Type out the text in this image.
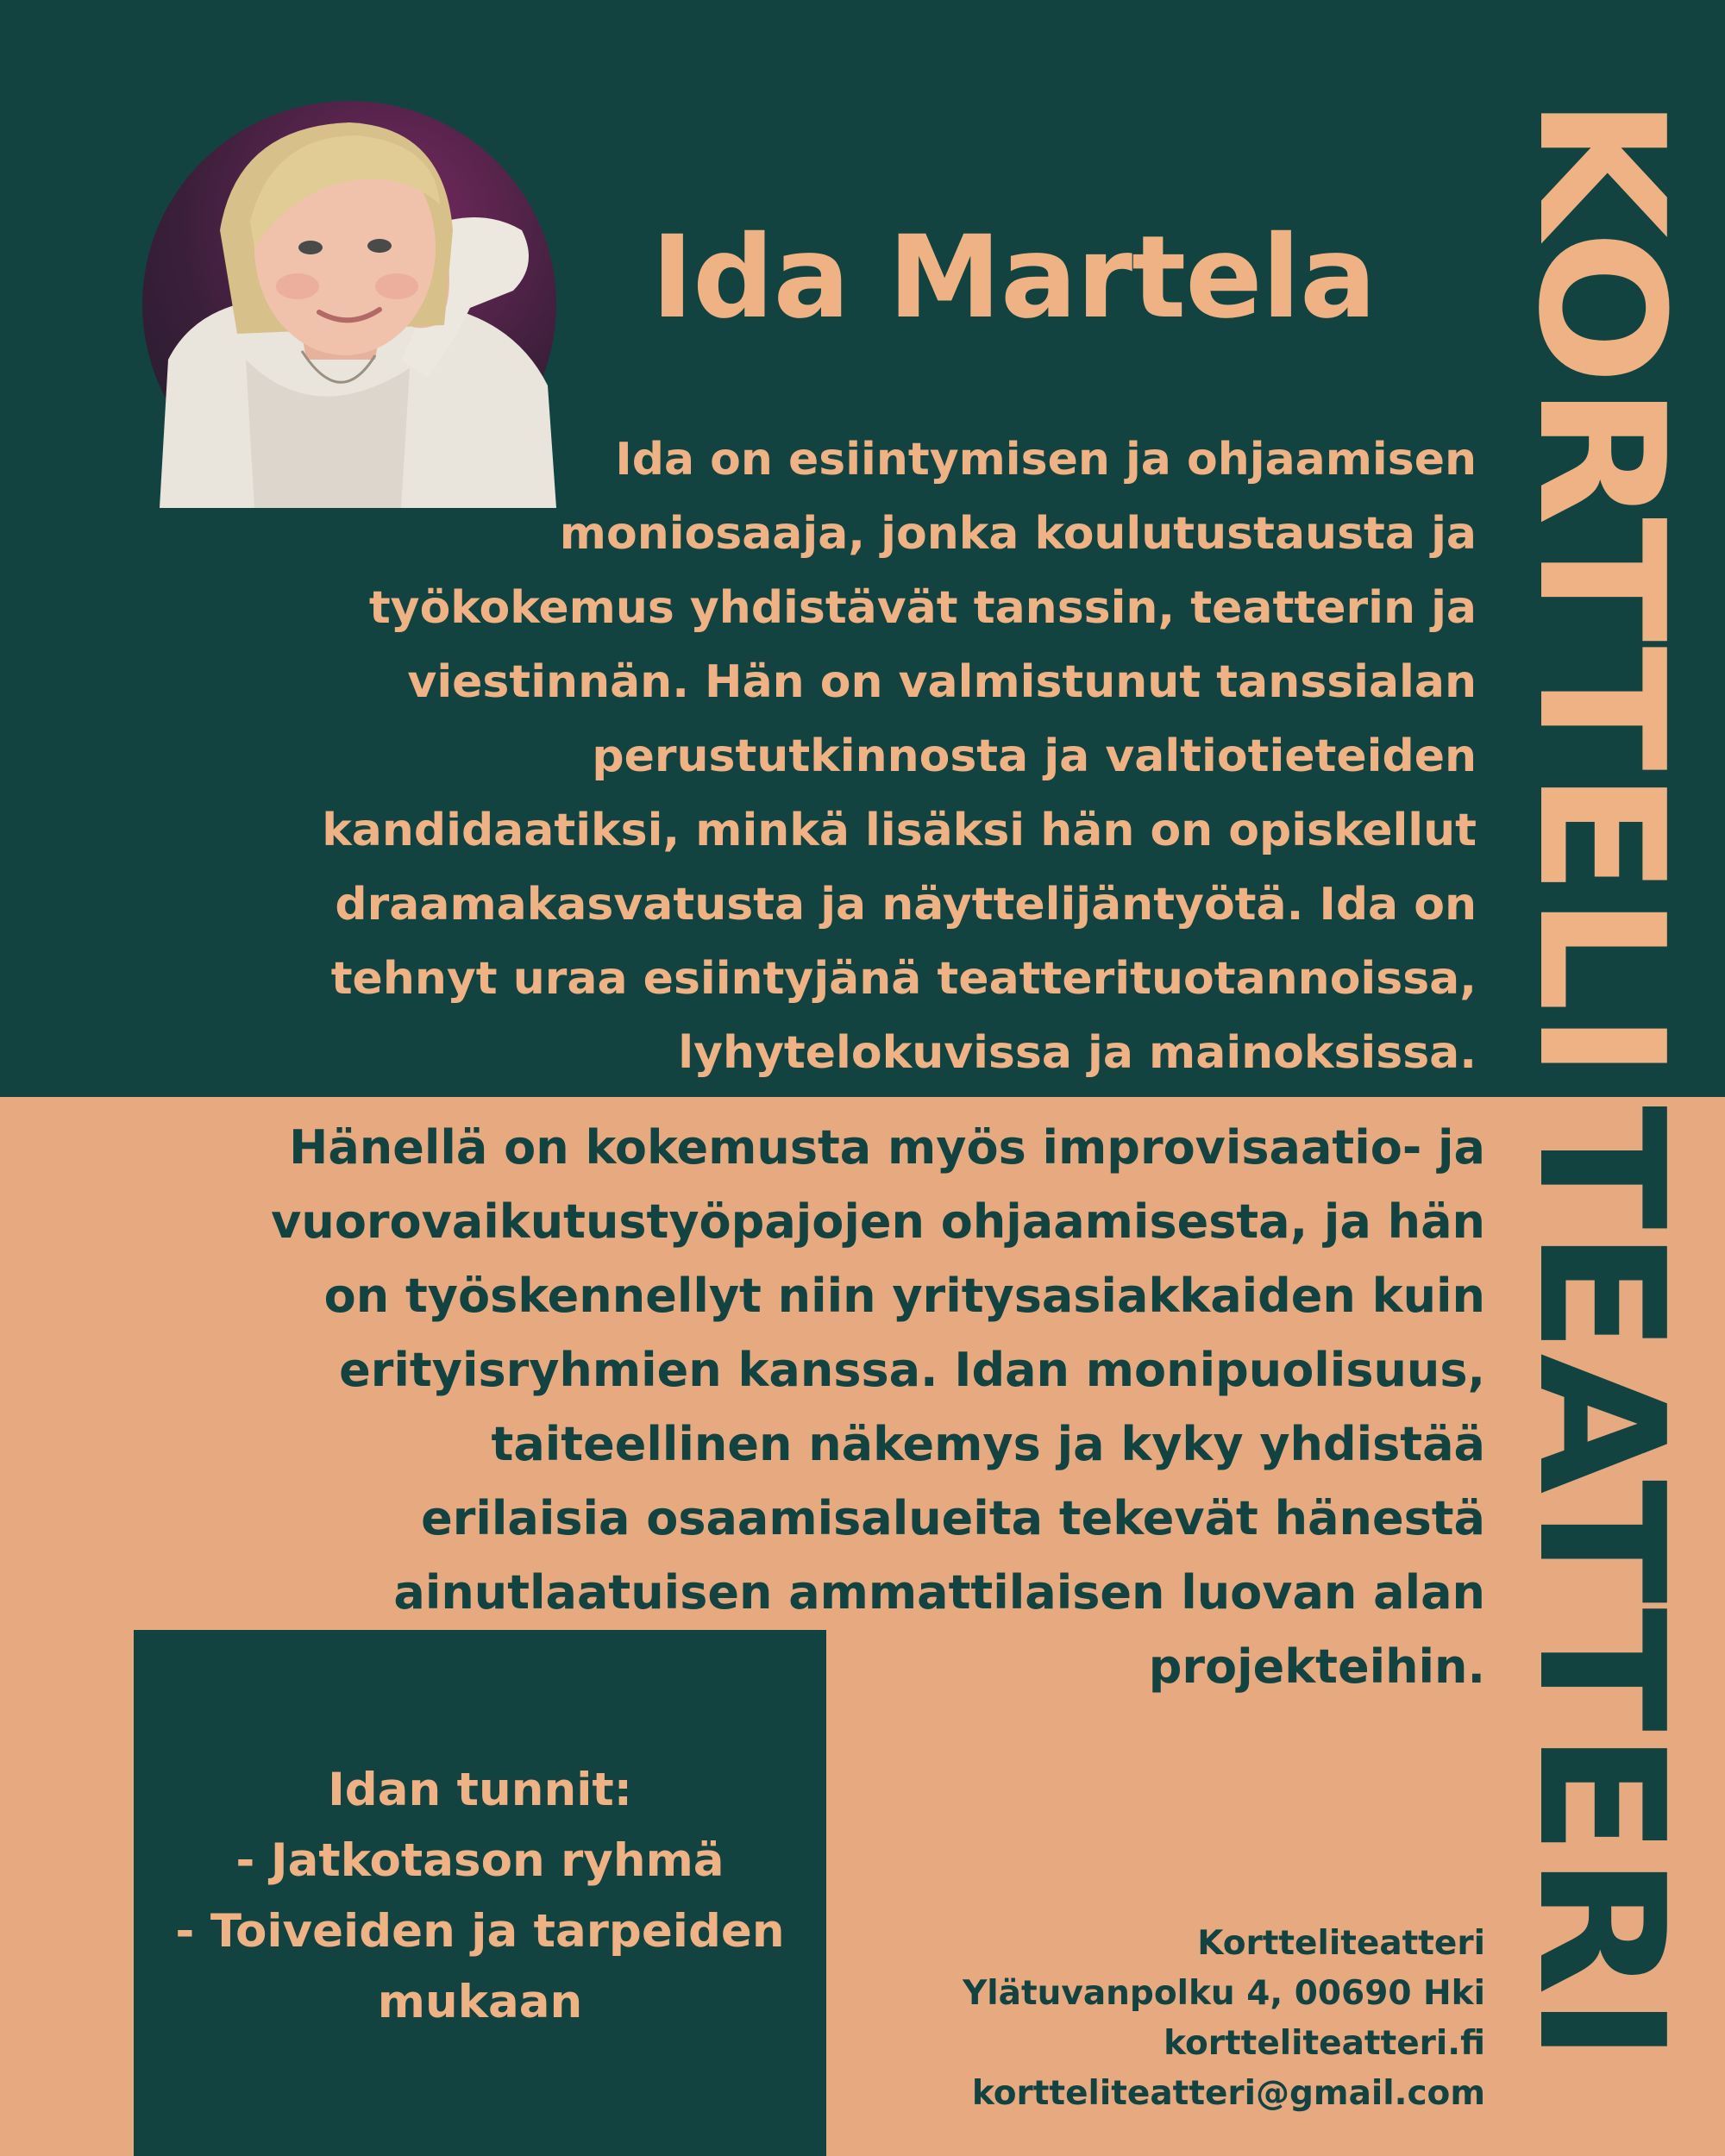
Ida Martela
Ida on esiintymisen ja ohjaamisen
moniosaaja, jonka koulutustausta ja
työkokemus yhdistävät tanssin, teatterin ja
viestinnän. Hän on valmistunut tanssialan
perustutkinnosta ja valtiotieteiden
kandidaatiksi, minkä lisäksi hän on opiskellut
draamakasvatusta ja näyttelijäntyötä. Ida on
tehnyt uraa esiintyjänä teatterituotannoissa,
lyhytelokuvissa ja mainoksissa.
Hänellä on kokemusta myös improvisaatio- ja
vuorovaikutustyöpajojen ohjaamisesta, ja hän
on työskennellyt niin yritysasiakkaiden kuin
erityisryhmien kanssa. Idan monipuolisuus,
taiteellinen näkemys ja kyky yhdistää
erilaisia osaamisalueita tekevät hänestä
ainutlaatuisen ammattilaisen luovan alan
projekteihin.
Idan tunnit:
- Jatkotason ryhmä
- Toiveiden ja tarpeiden
mukaan
Kortteliteatteri
Ylätuvanpolku 4, 00690 Hki
kortteliteatteri.fi
kortteliteatteri@gmail.com
KORTTELI
TEATTERI
